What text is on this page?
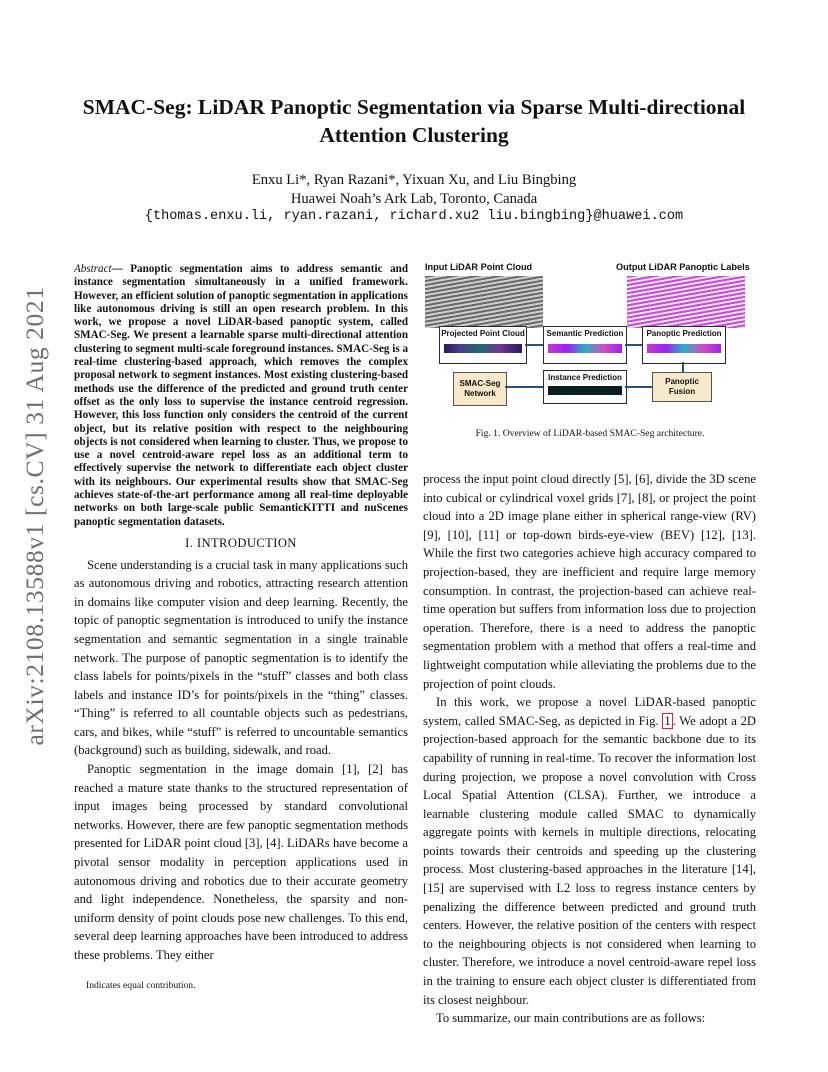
SMAC-Seg: LiDAR Panoptic Segmentation via Sparse Multi-directional Attention Clustering
Enxu Li*, Ryan Razani*, Yixuan Xu, and Liu Bingbing
Huawei Noah’s Ark Lab, Toronto, Canada
{thomas.enxu.li, ryan.razani, richard.xu2 liu.bingbing}@huawei.com
arXiv:2108.13588v1 [cs.CV] 31 Aug 2021

Abstract— Panoptic segmentation aims to address semantic and instance segmentation simultaneously in a unified framework. However, an efficient solution of panoptic segmentation in applications like autonomous driving is still an open research problem. In this work, we propose a novel LiDAR-based panoptic system, called SMAC-Seg. We present a learnable sparse multi-directional attention clustering to segment multi-scale foreground instances. SMAC-Seg is a real-time clustering-based approach, which removes the complex proposal network to segment instances. Most existing clustering-based methods use the difference of the predicted and ground truth center offset as the only loss to supervise the instance centroid regression. However, this loss function only considers the centroid of the current object, but its relative position with respect to the neighbouring objects is not considered when learning to cluster. Thus, we propose to use a novel centroid-aware repel loss as an additional term to effectively supervise the network to differentiate each object cluster with its neighbours. Our experimental results show that SMAC-Seg achieves state-of-the-art performance among all real-time deployable networks on both large-scale public SemanticKITTI and nuScenes panoptic segmentation datasets.

I. INTRODUCTION

Scene understanding is a crucial task in many applications such as autonomous driving and robotics, attracting research attention in domains like computer vision and deep learning. Recently, the topic of panoptic segmentation is introduced to unify the instance segmentation and semantic segmentation in a single trainable network. The purpose of panoptic segmentation is to identify the class labels for points/pixels in the “stuff” classes and both class labels and instance ID’s for points/pixels in the “thing” classes. “Thing” is referred to all countable objects such as pedestrians, cars, and bikes, while “stuff” is referred to uncountable semantics (background) such as building, sidewalk, and road.

Panoptic segmentation in the image domain [1], [2] has reached a mature state thanks to the structured representation of input images being processed by standard convolutional networks. However, there are few panoptic segmentation methods presented for LiDAR point cloud [3], [4]. LiDARs have become a pivotal sensor modality in perception applications used in autonomous driving and robotics due to their accurate geometry and light independence. Nonetheless, the sparsity and non-uniform density of point clouds pose new challenges. To this end, several deep learning approaches have been introduced to address these problems. They either

Indicates equal contribution.
Input LiDAR Point Cloud	Output LiDAR Panoptic Labels
Projected Point Cloud	Semantic Prediction	Panoptic Prediction
Instance Prediction
SMAC-Seg Network
Panoptic Fusion
Fig. 1. Overview of LiDAR-based SMAC-Seg architecture.

process the input point cloud directly [5], [6], divide the 3D scene into cubical or cylindrical voxel grids [7], [8], or project the point cloud into a 2D image plane either in spherical range-view (RV) [9], [10], [11] or top-down birds-eye-view (BEV) [12], [13]. While the first two categories achieve high accuracy compared to projection-based, they are inefficient and require large memory consumption. In contrast, the projection-based can achieve real-time operation but suffers from information loss due to projection operation. Therefore, there is a need to address the panoptic segmentation problem with a method that offers a real-time and lightweight computation while alleviating the problems due to the projection of point clouds.

In this work, we propose a novel LiDAR-based panoptic system, called SMAC-Seg, as depicted in Fig. 1 . We adopt a 2D projection-based approach for the semantic backbone due to its capability of running in real-time. To recover the information lost during projection, we propose a novel convolution with Cross Local Spatial Attention (CLSA). Further, we introduce a learnable clustering module called SMAC to dynamically aggregate points with kernels in multiple directions, relocating points towards their centroids and speeding up the clustering process. Most clustering-based approaches in the literature [14], [15] are supervised with L2 loss to regress instance centers by penalizing the difference between predicted and ground truth centers. However, the relative position of the centers with respect to the neighbouring objects is not considered when learning to cluster. Therefore, we introduce a novel centroid-aware repel loss in the training to ensure each object cluster is differentiated from its closest neighbour.

To summarize, our main contributions are as follows:
